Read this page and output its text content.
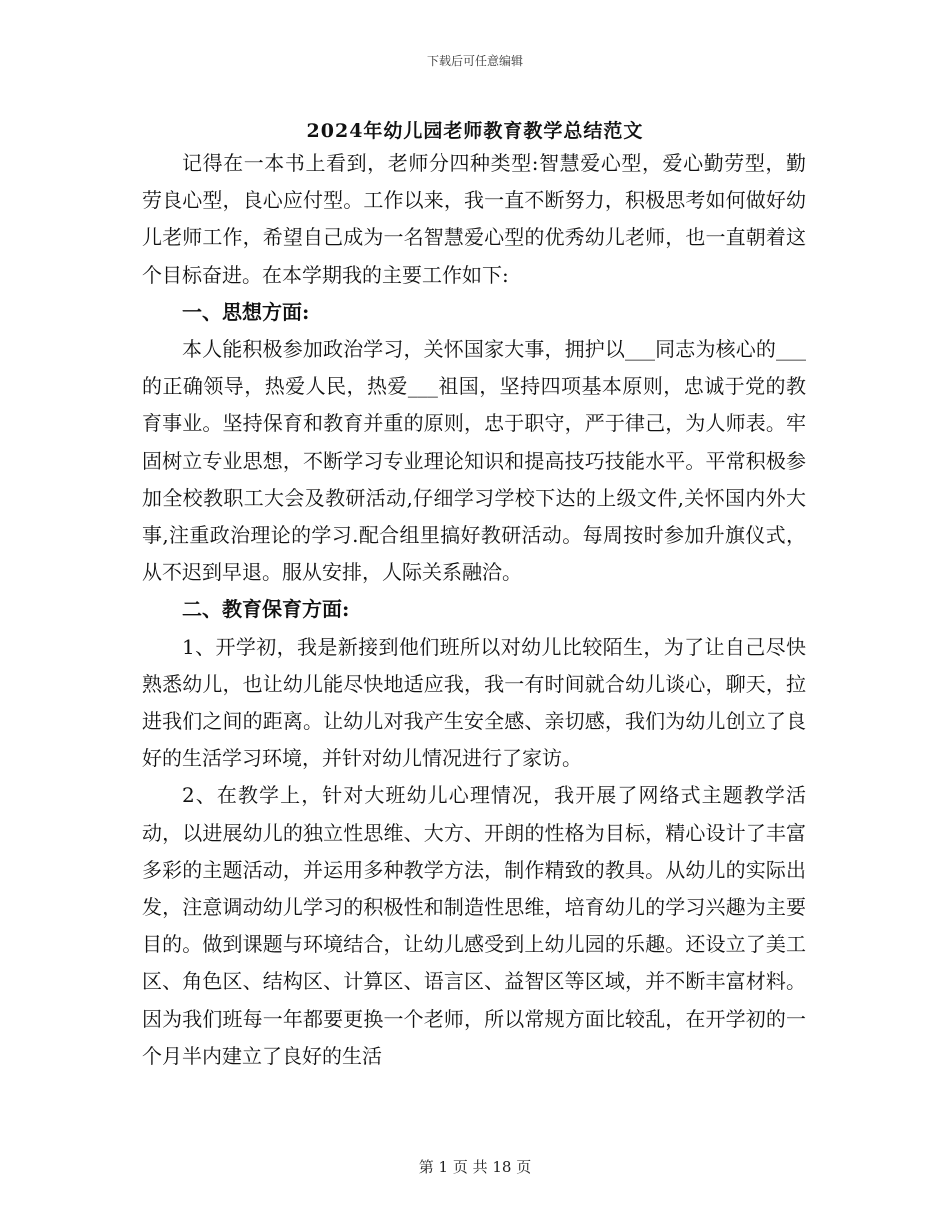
下载后可任意编辑
2024年幼儿园老师教育教学总结范文

记得在一本书上看到，老师分四种类型:智慧爱心型，爱心勤劳型，勤劳良心型，良心应付型。工作以来，我一直不断努力，积极思考如何做好幼儿老师工作，希望自己成为一名智慧爱心型的优秀幼儿老师，也一直朝着这个目标奋进。在本学期我的主要工作如下:

一、思想方面:

本人能积极参加政治学习，关怀国家大事，拥护以___同志为核心的___的正确领导，热爱人民，热爱___祖国，坚持四项基本原则，忠诚于党的教育事业。坚持保育和教育并重的原则，忠于职守，严于律己，为人师表。牢固树立专业思想，不断学习专业理论知识和提高技巧技能水平。平常积极参加全校教职工大会及教研活动,仔细学习学校下达的上级文件,关怀国内外大事,注重政治理论的学习.配合组里搞好教研活动。每周按时参加升旗仪式，从不迟到早退。服从安排，人际关系融洽。

二、教育保育方面:

1、开学初，我是新接到他们班所以对幼儿比较陌生，为了让自己尽快熟悉幼儿，也让幼儿能尽快地适应我，我一有时间就合幼儿谈心，聊天，拉进我们之间的距离。让幼儿对我产生安全感、亲切感，我们为幼儿创立了良好的生活学习环境，并针对幼儿情况进行了家访。

2、在教学上，针对大班幼儿心理情况，我开展了网络式主题教学活动，以进展幼儿的独立性思维、大方、开朗的性格为目标，精心设计了丰富多彩的主题活动，并运用多种教学方法，制作精致的教具。从幼儿的实际出发，注意调动幼儿学习的积极性和制造性思维，培育幼儿的学习兴趣为主要目的。做到课题与环境结合，让幼儿感受到上幼儿园的乐趣。还设立了美工区、角色区、结构区、计算区、语言区、益智区等区域，并不断丰富材料。因为我们班每一年都要更换一个老师，所以常规方面比较乱，在开学初的一个月半内建立了良好的生活

第 1 页 共 18 页
